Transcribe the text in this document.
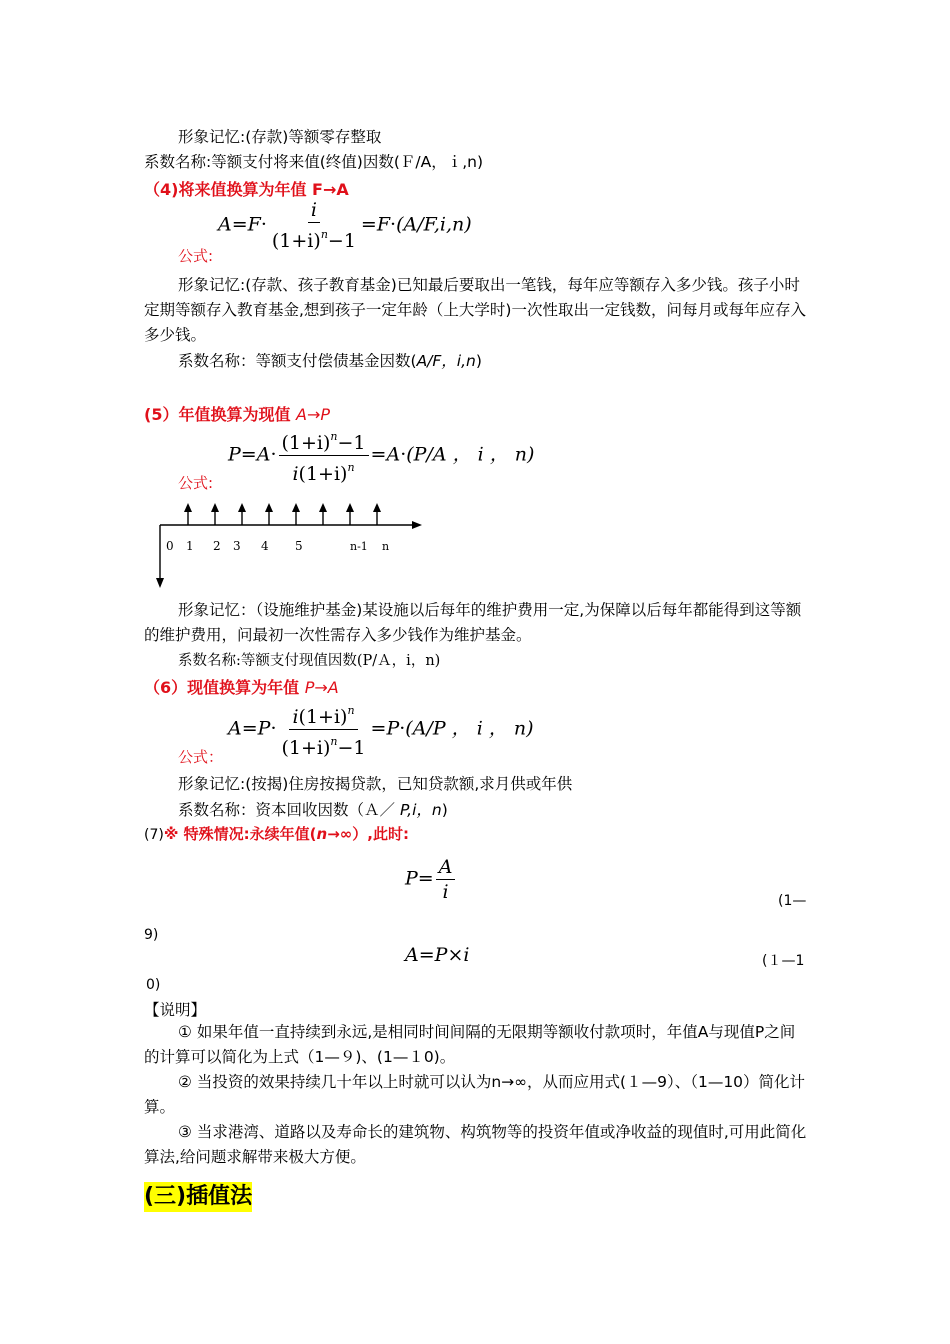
形象记忆:(存款)等额零存整取
系数名称:等额支付将来值(终值)因数(Ｆ/A，ｉ,n)
（4)将来值换算为年值 F→A
$A=F\cdot \frac{i}{(1+i)^n-1} =F\cdot(A/F,i,n)$
公式:
形象记忆:(存款、孩子教育基金)已知最后要取出一笔钱，每年应等额存入多少钱。孩子小时定期等额存入教育基金,想到孩子一定年龄（上大学时)一次性取出一定钱数，问每月或每年应存入多少钱。
系数名称：等额支付偿债基金因数(A/F，i,n)
(5）年值换算为现值 A→P
$P=A\cdot \frac{(1+i)^n-1}{i(1+i)^n} =A\cdot(P/A$ ， i ， n)
公式:
0 1 2 3 4 5	n-1 n
形象记忆：（设施维护基金)某设施以后每年的维护费用一定,为保障以后每年都能得到这等额的维护费用，问最初一次性需存入多少钱作为维护基金。
系数名称:等额支付现值因数(P/Ａ，i，n)
（6）现值换算为年值 P→A
$A=P\cdot \frac{i(1+i)^n}{(1+i)^n-1} =P\cdot(A/P$ ， i ， n)
公式：
形象记忆:(按揭)住房按揭贷款，已知贷款额,求月供或年供
系数名称：资本回收因数（Ａ／ P,i，n)
(7)※ 特殊情况:永续年值(n→∞）,此时:
$P= \frac{A}{i}$	(1—
9)
A=P×i	(１—1
0)
【说明】
① 如果年值一直持续到永远,是相同时间间隔的无限期等额收付款项时，年值A与现值P之间的计算可以简化为上式（1—９)、(1—１0)。
② 当投资的效果持续几十年以上时就可以认为n→∞，从而应用式(１—9）、（1—10）简化计算。
③ 当求港湾、道路以及寿命长的建筑物、构筑物等的投资年值或净收益的现值时,可用此简化算法,给问题求解带来极大方便。
(三)插值法
